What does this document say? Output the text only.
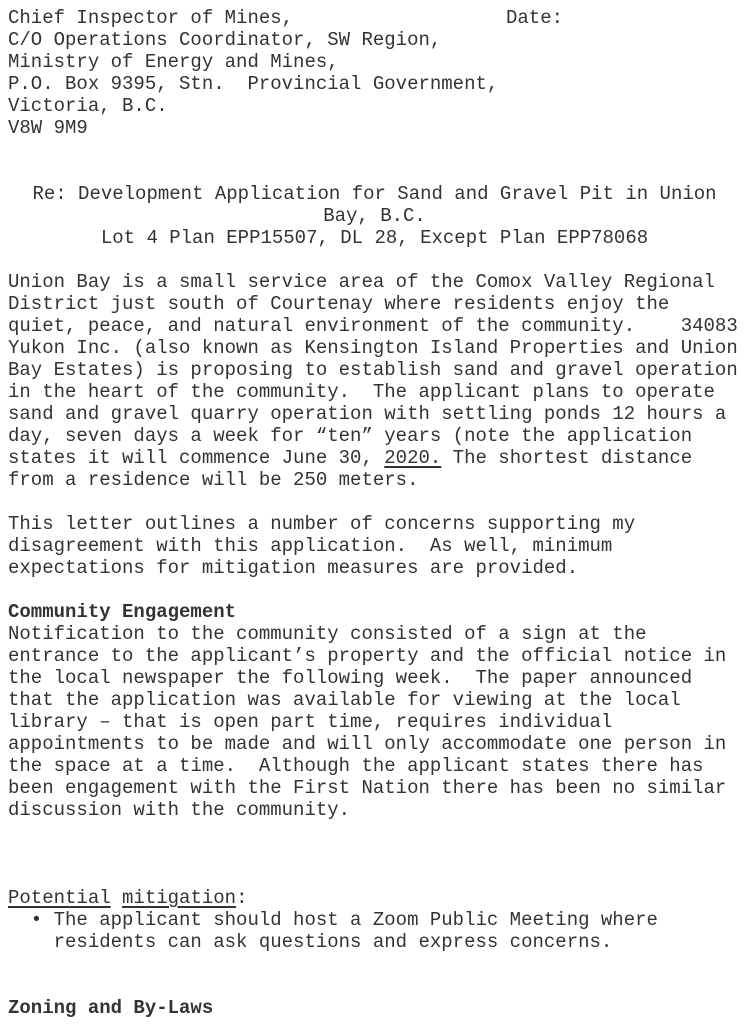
Chief Inspector of Mines,	Date:
C/O Operations Coordinator, SW Region,
Ministry of Energy and Mines,
P.O. Box 9395, Stn.  Provincial Government,
Victoria, B.C.
V8W 9M9
Re: Development Application for Sand and Gravel Pit in Union
Bay, B.C.
Lot 4 Plan EPP15507, DL 28, Except Plan EPP78068
Union Bay is a small service area of the Comox Valley Regional
District just south of Courtenay where residents enjoy the
quiet, peace, and natural environment of the community.    34083
Yukon Inc. (also known as Kensington Island Properties and Union
Bay Estates) is proposing to establish sand and gravel operation
in the heart of the community.  The applicant plans to operate
sand and gravel quarry operation with settling ponds 12 hours a
day, seven days a week for “ten” years (note the application
states it will commence June 30, 2020. The shortest distance
from a residence will be 250 meters.
This letter outlines a number of concerns supporting my
disagreement with this application.  As well, minimum
expectations for mitigation measures are provided.
Community Engagement
Notification to the community consisted of a sign at the
entrance to the applicant’s property and the official notice in
the local newspaper the following week.  The paper announced
that the application was available for viewing at the local
library – that is open part time, requires individual
appointments to be made and will only accommodate one person in
the space at a time.  Although the applicant states there has
been engagement with the First Nation there has been no similar
discussion with the community.
Potential mitigation:
• The applicant should host a Zoom Public Meeting where
residents can ask questions and express concerns.
Zoning and By-Laws
